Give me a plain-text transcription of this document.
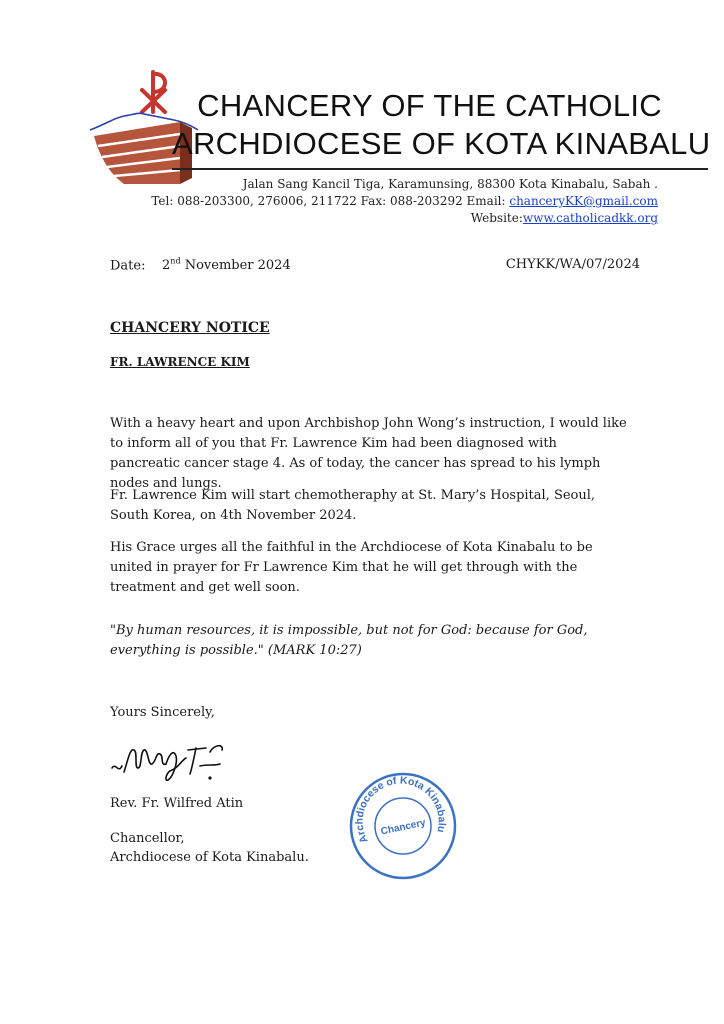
CHANCERY OF THE CATHOLIC
ARCHDIOCESE OF KOTA KINABALU
Jalan Sang Kancil Tiga, Karamunsing, 88300 Kota Kinabalu, Sabah .
Tel: 088-203300, 276006, 211722 Fax: 088-203292 Email: chanceryKK@gmail.com
Website:www.catholicadkk.org
Date: 2nd November 2024	CHYKK/WA/07/2024
CHANCERY NOTICE
FR. LAWRENCE KIM

With a heavy heart and upon Archbishop John Wong’s instruction, I would like to inform all of you that Fr. Lawrence Kim had been diagnosed with pancreatic cancer stage 4. As of today, the cancer has spread to his lymph nodes and lungs.

Fr. Lawrence Kim will start chemotheraphy at St. Mary’s Hospital, Seoul, South Korea, on 4th November 2024.

His Grace urges all the faithful in the Archdiocese of Kota Kinabalu to be united in prayer for Fr Lawrence Kim that he will get through with the treatment and get well soon.

"By human resources, it is impossible, but not for God: because for God, everything is possible." (MARK 10:27)
Yours Sincerely,
Rev. Fr. Wilfred Atin
Chancellor,
Archdiocese of Kota Kinabalu.
Archdiocese of Kota Kinabalu
Chancery
